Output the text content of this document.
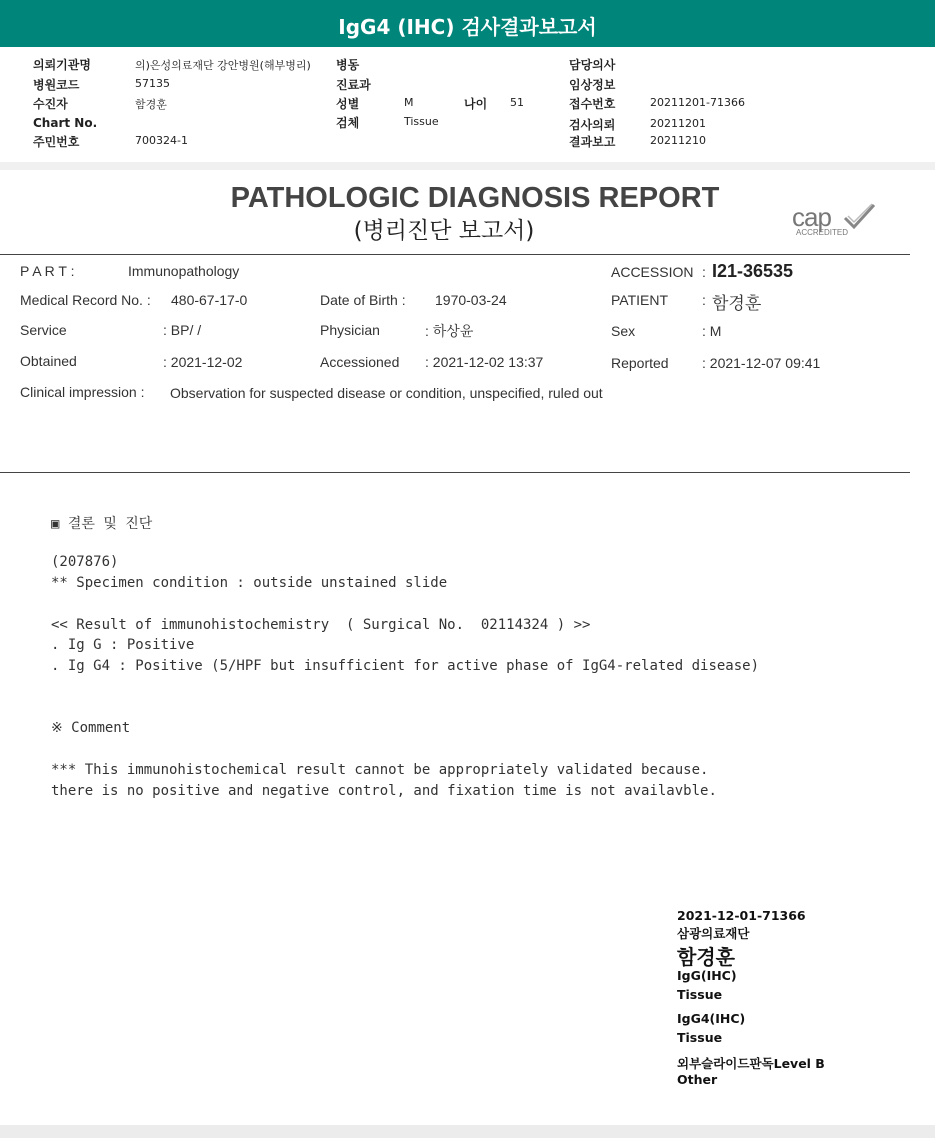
IgG4 (IHC) 검사결과보고서
의뢰기관명	의)은성의료재단 강안병원(해부병리) 병동	담당의사
병원코드	57135	진료과	임상정보
수진자	함경훈	성별	M	나이 51	접수번호	20211201-71366
Chart No.	검체	Tissue	검사의뢰	20211201
주민번호	700324-1	결과보고	20211210
PATHOLOGIC DIAGNOSIS REPORT
(병리진단 보고서)	cap
ACCREDITED
P A R T :	Immunopathology	ACCESSION : I21-36535
Medical Record No. : 480-67-17-0	Date of Birth : 1970-03-24	PATIENT : 함경훈
Service	: BP/ /	Physician	: 하상윤	Sex	: M
Obtained	: 2021-12-02	Accessioned : 2021-12-02 13:37	Reported : 2021-12-07 09:41
Clinical impression : Observation for suspected disease or condition, unspecified, ruled out
▣ 결론 및 진단
(207876)
** Specimen condition : outside unstained slide
<< Result of immunohistochemistry  ( Surgical No.  02114324 ) >>
. Ig G : Positive
. Ig G4 : Positive (5/HPF but insufficient for active phase of IgG4-related disease)
※ Comment
*** This immunohistochemical result cannot be appropriately validated because.
there is no positive and negative control, and fixation time is not availavble.
2021-12-01-71366
삼광의료재단
함경훈
IgG(IHC)
Tissue
IgG4(IHC)
Tissue
외부슬라이드판독Level B
Other
